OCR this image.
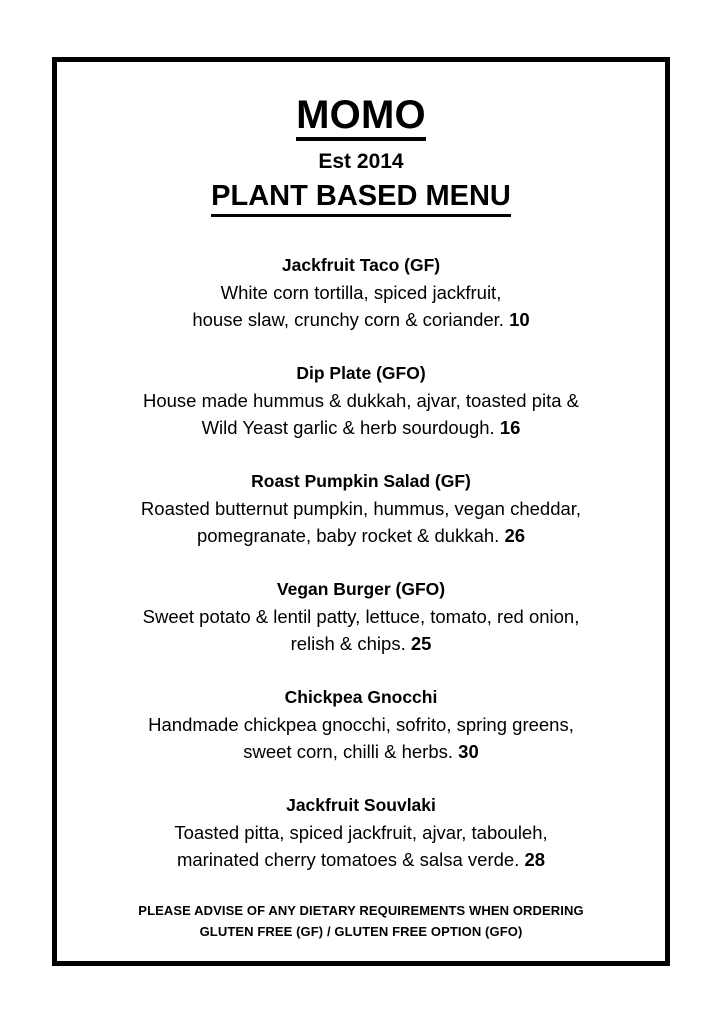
MOMO
Est 2014
PLANT BASED MENU
Jackfruit Taco (GF)
White corn tortilla, spiced jackfruit,
house slaw, crunchy corn & coriander. 10
Dip Plate (GFO)
House made hummus & dukkah, ajvar, toasted pita &
Wild Yeast garlic & herb sourdough. 16
Roast Pumpkin Salad (GF)
Roasted butternut pumpkin, hummus, vegan cheddar,
pomegranate, baby rocket & dukkah. 26
Vegan Burger (GFO)
Sweet potato & lentil patty, lettuce, tomato, red onion,
relish & chips. 25
Chickpea Gnocchi
Handmade chickpea gnocchi, sofrito, spring greens,
sweet corn, chilli & herbs. 30
Jackfruit Souvlaki
Toasted pitta, spiced jackfruit, ajvar, tabouleh,
marinated cherry tomatoes & salsa verde. 28
PLEASE ADVISE OF ANY DIETARY REQUIREMENTS WHEN ORDERING
GLUTEN FREE (GF) / GLUTEN FREE OPTION (GFO)
